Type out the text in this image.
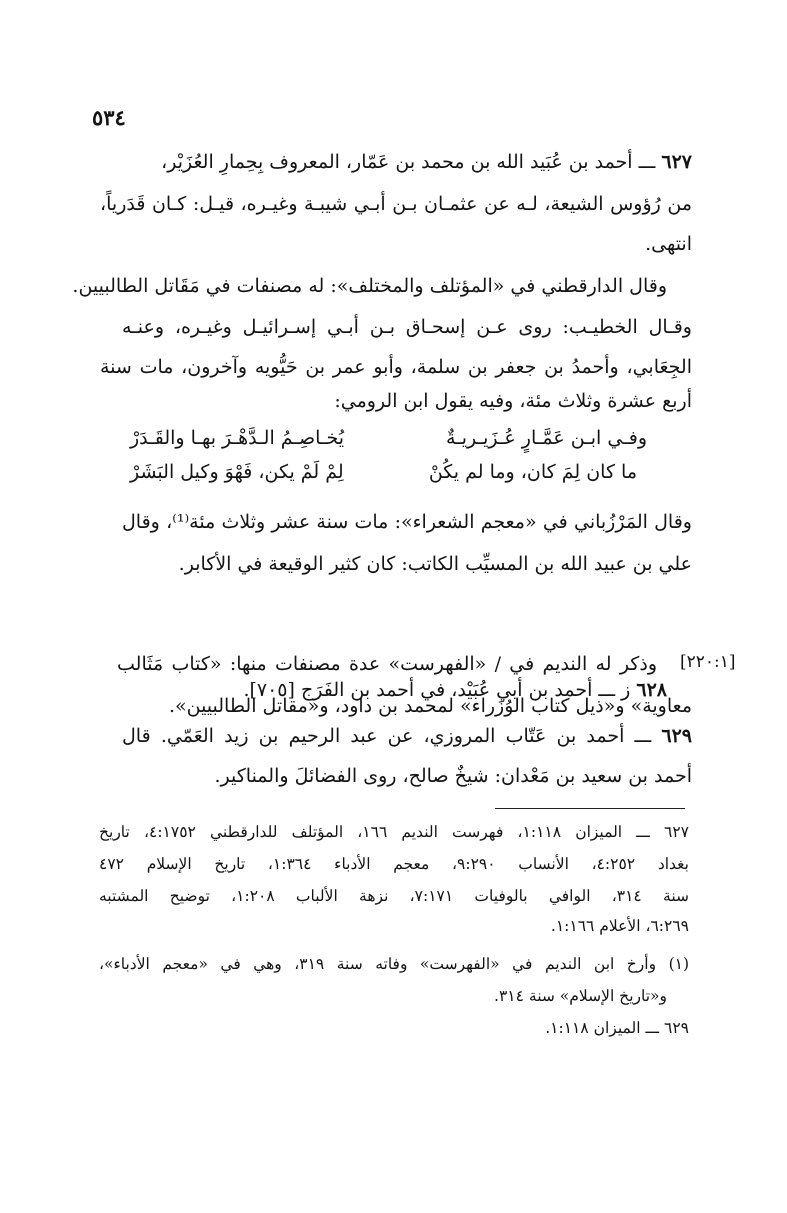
٥٣٤
٦٢٧ ـــ أحمد بن عُبَيد الله بن محمد بن عَمّار، المعروف بِحِمارِ العُزَيْر،
من رُؤوس الشيعة، لـه عن عثمـان بـن أبـي شيبـة وغيـره، قيـل: كـان قَدَرياً،
انتهى.
وقال الدارقطني في «المؤتلف والمختلف»: له مصنفات في مَقَاتل الطالبيين.
وقـال الخطيـب: روى عـن إسحـاق بـن أبـي إسـرائيـل وغيـره، وعنـه
الجِعَابي، وأحمدُ بن جعفر بن سلمة، وأبو عمر بن حَيُّويه وآخرون، مات سنة
أربع عشرة وثلاث مئة، وفيه يقول ابن الرومي:
وفـي ابـن عَمَّـارٍ عُـزَيـريـةٌ
يُخـاصِـمُ الـدَّهْـرَ بهـا والقَـدَرْ
ما كان لِمَ كان، وما لم يكُنْ
لِمْ لَمْ يكن، فَهْوَ وكيل البَشَرْ
وقال المَرْزُباني في «معجم الشعراء»: مات سنة عشر وثلاث مئة⁽¹⁾، وقال
علي بن عبيد الله بن المسيِّب الكاتب: كان كثير الوقيعة في الأكابر.
[٢٢٠:١]
وذكر له النديم في / «الفهرست» عدة مصنفات منها: «كتاب مَثَالب
معاوية» و«ذيل كتاب الوُزَراء» لمحمد بن داود، و«مقاتل الطالبيين».
٦٢٨ ز ـــ أحمد بن أبي عُبَيْد، في أحمد بن الفَرَج [٧٠٥].
٦٢٩ ـــ أحمد بن عَتّاب المروزي، عن عبد الرحيم بن زيد العَمّي. قال
أحمد بن سعيد بن مَعْدان: شيخٌ صالح، روى الفضائلَ والمناكير.
٦٢٧ ـــ الميزان ١:١١٨، فهرست النديم ١٦٦، المؤتلف للدارقطني ٤:١٧٥٢، تاريخ
بغداد ٤:٢٥٢، الأنساب ٩:٢٩٠، معجم الأدباء ١:٣٦٤، تاريخ الإسلام ٤٧٢
سنة ٣١٤، الوافي بالوفيات ٧:١٧١، نزهة الألباب ١:٢٠٨، توضيح المشتبه
٦:٢٦٩، الأعلام ١:١٦٦.
(١) وأرخ ابن النديم في «الفهرست» وفاته سنة ٣١٩، وهي في «معجم الأدباء»،
و«تاريخ الإسلام» سنة ٣١٤.
٦٢٩ ـــ الميزان ١:١١٨.
